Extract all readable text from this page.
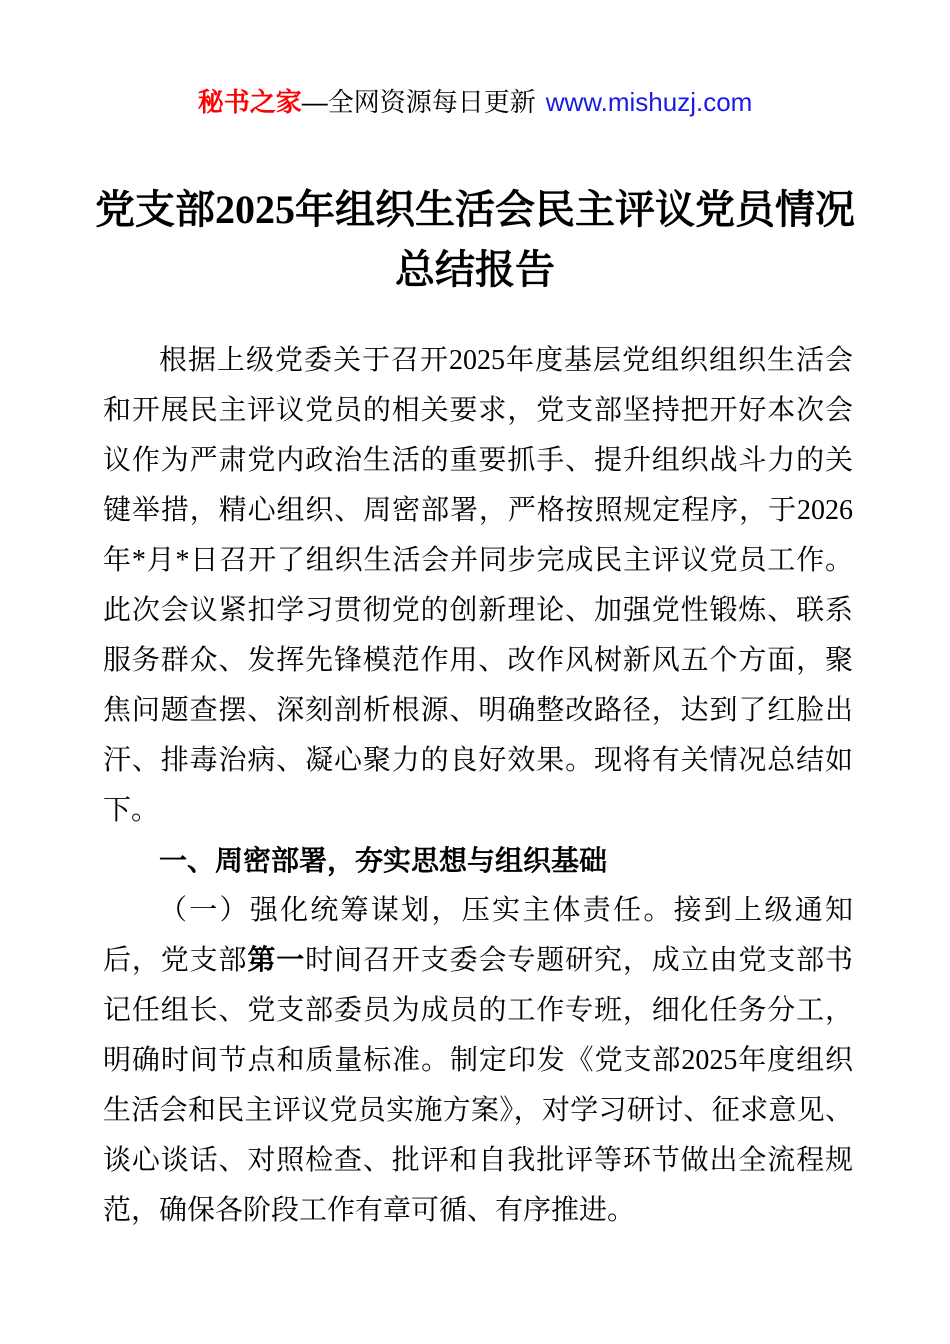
秘书之家—全网资源每日更新 www.mishuzj.com
党支部2025年组织生活会民主评议党员情况总结报告

根据上级党委关于召开2025年度基层党组织组织生活会和开展民主评议党员的相关要求，党支部坚持把开好本次会议作为严肃党内政治生活的重要抓手、提升组织战斗力的关键举措，精心组织、周密部署，严格按照规定程序，于2026年*月*日召开了组织生活会并同步完成民主评议党员工作。此次会议紧扣学习贯彻党的创新理论、加强党性锻炼、联系服务群众、发挥先锋模范作用、改作风树新风五个方面，聚焦问题查摆、深刻剖析根源、明确整改路径，达到了红脸出汗、排毒治病、凝心聚力的良好效果。现将有关情况总结如下。

一、周密部署，夯实思想与组织基础

（一）强化统筹谋划，压实主体责任。接到上级通知后，党支部第一时间召开支委会专题研究，成立由党支部书记任组长、党支部委员为成员的工作专班，细化任务分工，明确时间节点和质量标准。制定印发《党支部2025年度组织生活会和民主评议党员实施方案》，对学习研讨、征求意见、谈心谈话、对照检查、批评和自我批评等环节做出全流程规范，确保各阶段工作有章可循、有序推进。
